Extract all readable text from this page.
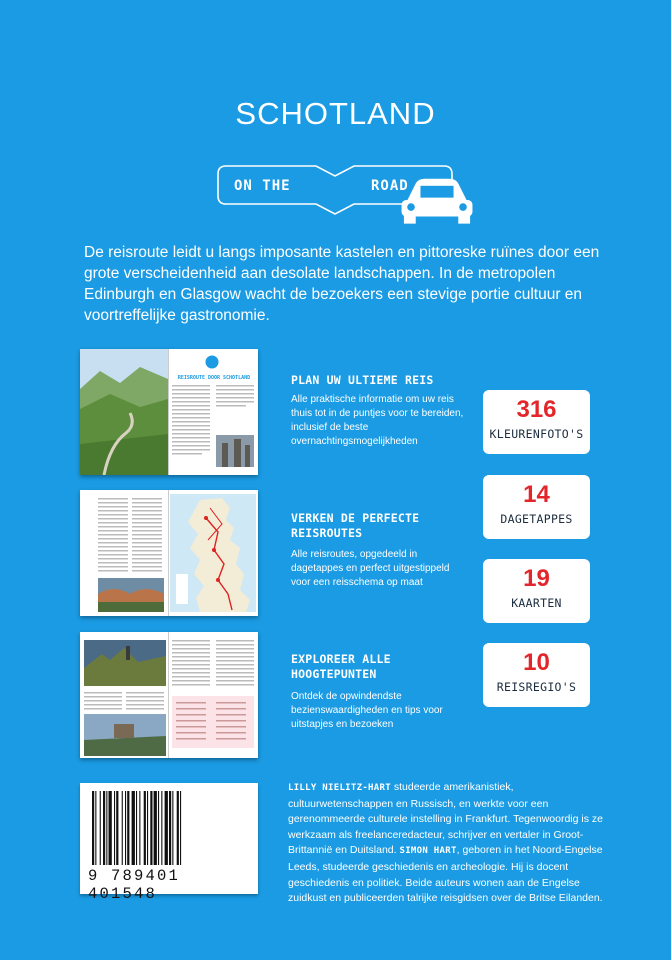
SCHOTLAND
ON THE	ROAD
De reisroute leidt u langs imposante kastelen en pittoreske ruïnes door een grote verscheidenheid aan desolate landschappen. In de metropolen Edinburgh en Glasgow wacht de bezoekers een stevige portie cultuur en voortreffelijke gastronomie.
REISROUTE DOOR SCHOTLAND	PLAN UW ULTIEME REIS
Alle praktische informatie om uw reis thuis tot in de puntjes voor te bereiden, inclusief de beste overnachtingsmogelijkheden
VERKEN DE PERFECTE
REISROUTES
Alle reisroutes, opgedeeld in dagetappes en perfect uitgestippeld voor een reisschema op maat
EXPLOREER ALLE
HOOGTEPUNTEN
Ontdek de opwindendste bezienswaardigheden en tips voor uitstapjes en bezoeken
316
KLEURENFOTO'S
14
DAGETAPPES
19
KAARTEN
10
REISREGIO'S
9 789401 401548
LILLY NIELITZ-HART studeerde amerikanistiek, cultuurwetenschappen en Russisch, en werkte voor een gerenommeerde culturele instelling in Frankfurt. Tegenwoordig is ze werkzaam als freelanceredacteur, schrijver en vertaler in Groot-Brittannië en Duitsland. SIMON HART, geboren in het Noord-Engelse Leeds, studeerde geschiedenis en archeologie. Hij is docent geschiedenis en politiek. Beide auteurs wonen aan de Engelse zuidkust en publiceerden talrijke reisgidsen over de Britse Eilanden.
